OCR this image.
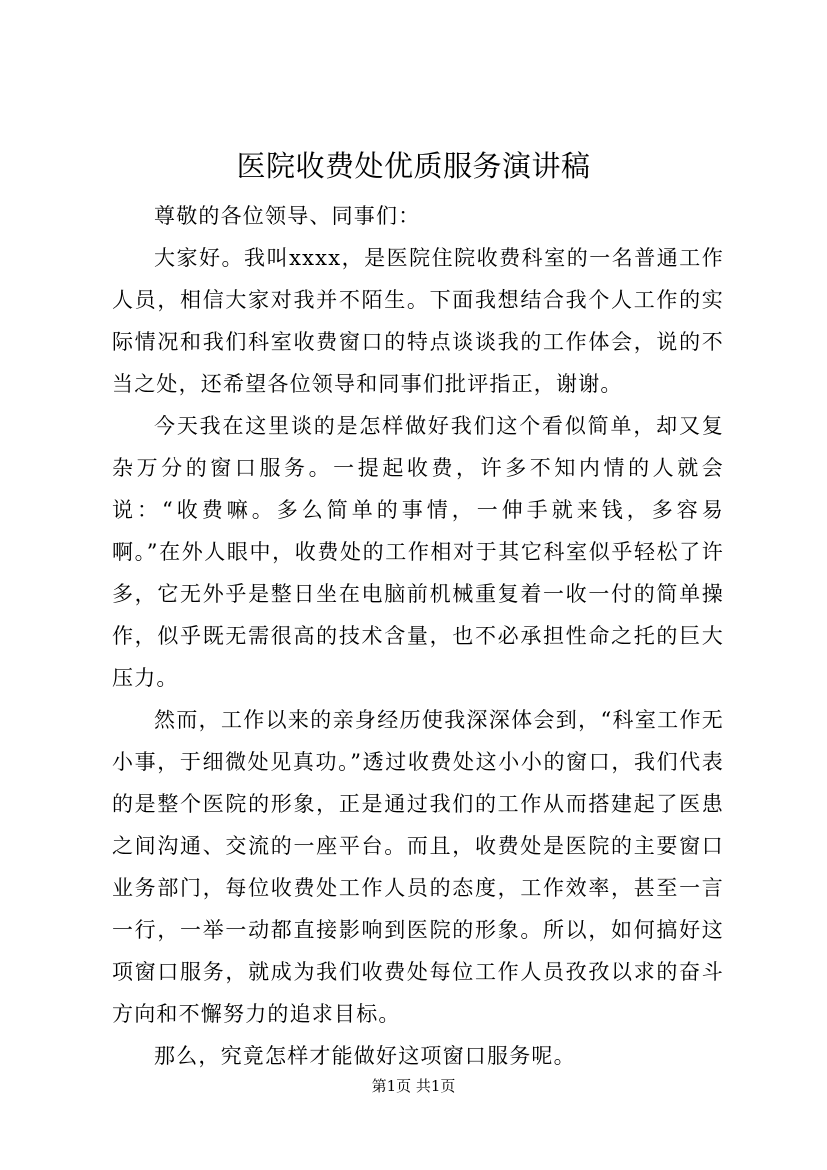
医院收费处优质服务演讲稿

尊敬的各位领导、同事们：

大家好。我叫xxxx，是医院住院收费科室的一名普通工作人员，相信大家对我并不陌生。下面我想结合我个人工作的实际情况和我们科室收费窗口的特点谈谈我的工作体会，说的不当之处，还希望各位领导和同事们批评指正，谢谢。

今天我在这里谈的是怎样做好我们这个看似简单，却又复杂万分的窗口服务。一提起收费，许多不知内情的人就会说：“收费嘛。多么简单的事情，一伸手就来钱，多容易啊。”在外人眼中，收费处的工作相对于其它科室似乎轻松了许多，它无外乎是整日坐在电脑前机械重复着一收一付的简单操作，似乎既无需很高的技术含量，也不必承担性命之托的巨大压力。

然而，工作以来的亲身经历使我深深体会到，“科室工作无小事，于细微处见真功。”透过收费处这小小的窗口，我们代表的是整个医院的形象，正是通过我们的工作从而搭建起了医患之间沟通、交流的一座平台。而且，收费处是医院的主要窗口业务部门，每位收费处工作人员的态度，工作效率，甚至一言一行，一举一动都直接影响到医院的形象。所以，如何搞好这项窗口服务，就成为我们收费处每位工作人员孜孜以求的奋斗方向和不懈努力的追求目标。

那么，究竟怎样才能做好这项窗口服务呢。

第1页 共1页
